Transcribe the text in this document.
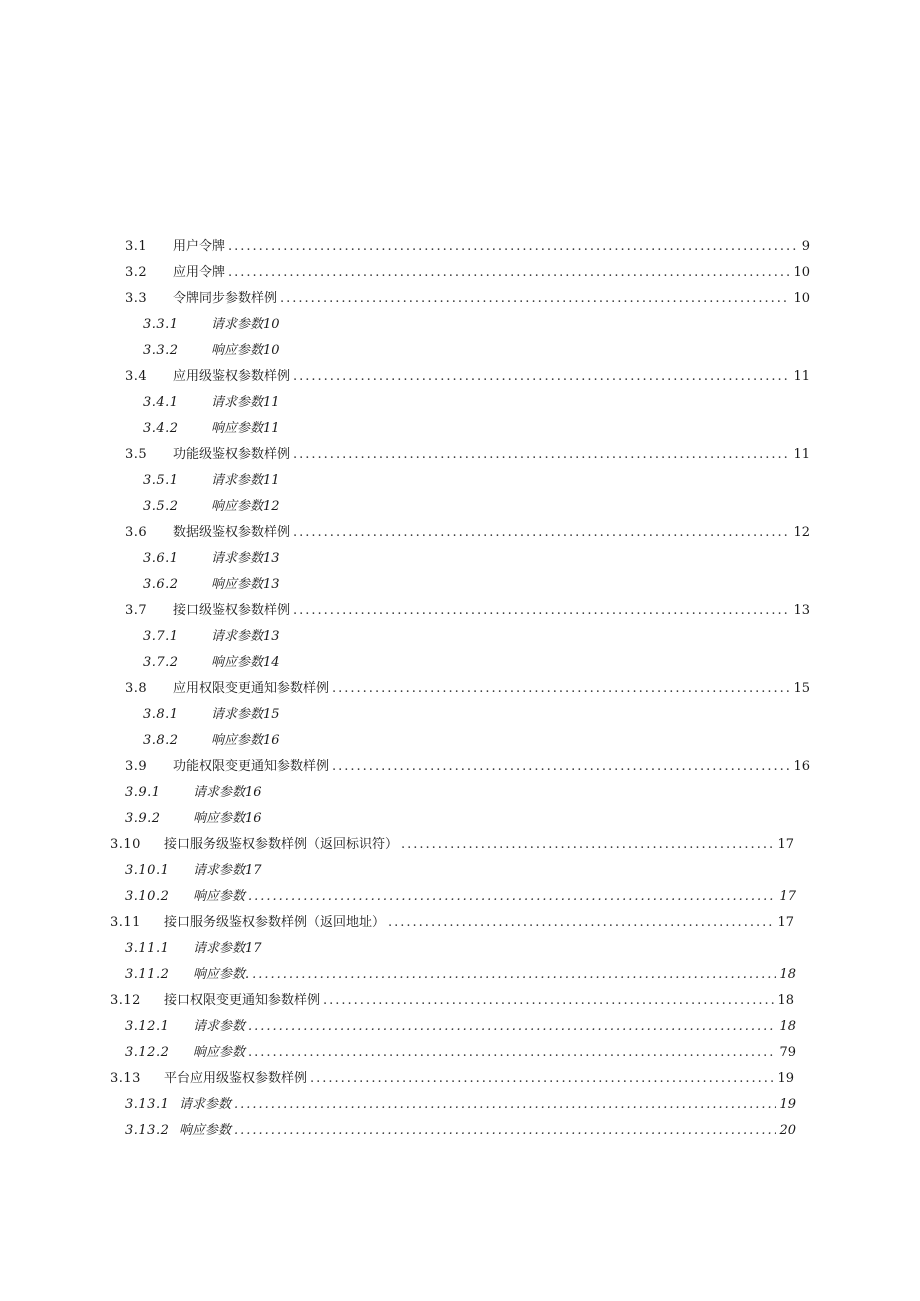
3.1	用户令牌 .....	9
3.2	应用令牌 .....	10
3.3	令牌同步参数样例 .....	10
3.3.1	请求参数10
3.3.2	响应参数10
3.4	应用级鉴权参数样例 .....	11
3.4.1	请求参数11
3.4.2	响应参数11
3.5	功能级鉴权参数样例 .....	11
3.5.1	请求参数11
3.5.2	响应参数12
3.6	数据级鉴权参数样例 .....	12
3.6.1	请求参数13
3.6.2	响应参数13
3.7	接口级鉴权参数样例 .....	13
3.7.1	请求参数13
3.7.2	响应参数14
3.8	应用权限变更通知参数样例 .....	15
3.8.1	请求参数15
3.8.2	响应参数16
3.9	功能权限变更通知参数样例 .....	16
3.9.1	请求参数16
3.9.2	响应参数16
3.10	接口服务级鉴权参数样例（返回标识符） .....	17
3.10.1	请求参数17
3.10.2	响应参数 .....	17
3.11	接口服务级鉴权参数样例（返回地址） .....	17
3.11.1	请求参数17
3.11.2	响应参数. .....	18
3.12	接口权限变更通知参数样例 .....	18
3.12.1	请求参数 .....	18
3.12.2	晌应参数 .....	79
3.13	平台应用级鉴权参数样例 .....	19
3.13.1 请求参数 .....	19
3.13.2 响应参数 .....	20
